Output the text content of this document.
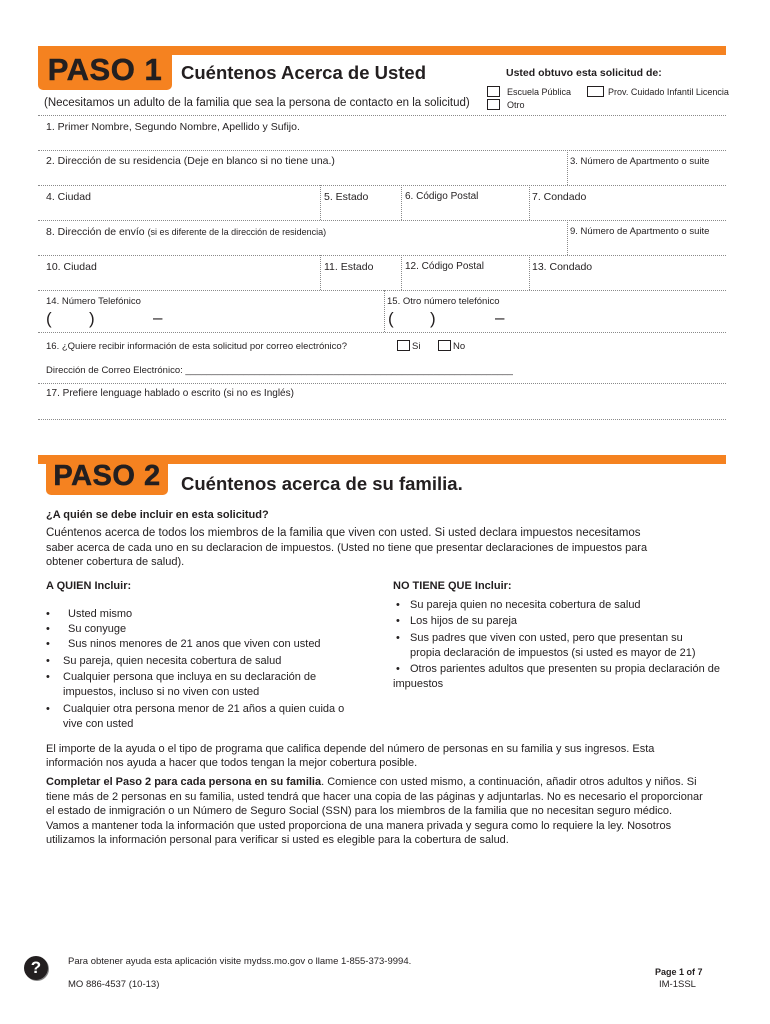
PASO 1	Cuéntenos Acerca de Usted	Usted obtuvo esta solicitud de:
Escuela Pública	Prov. Cuidado Infantil Licencia
(Necesitamos un adulto de la familia que sea la persona de contacto en la solicitud)	Otro
1. Primer Nombre, Segundo Nombre, Apellido y Sufijo.
2. Dirección de su residencia (Deje en blanco si no tiene una.)	3. Número de Apartmento o suite
4. Ciudad	5. Estado	6. Código Postal	7. Condado
8. Dirección de envío (si es diferente de la dirección de residencia)	9. Número de Apartmento o suite
10. Ciudad	11. Estado	12. Código Postal	13. Condado
14. Número Telefónico	15. Otro número telefónico
( )	–	( )	–
16. ¿Quiere recibir información de esta solicitud por correo electrónico?	Si	No
Dirección de Correo Electrónico: ______________________________________________________________
17. Prefiere lenguage hablado o escrito (si no es Inglés)
PASO 2	Cuéntenos acerca de su familia.
¿A quién se debe incluir en esta solicitud?
Cuéntenos acerca de todos los miembros de la familia que viven con usted. Si usted declara impuestos necesitamos
saber acerca de cada uno en su declaracion de impuestos. (Usted no tiene que presentar declaraciones de impuestos para
obtener cobertura de salud).
A QUIEN Incluir:
• Usted mismo
• Su conyuge
• Sus ninos menores de 21 anos que viven con usted
• Su pareja, quien necesita cobertura de salud
• Cualquier persona que incluya en su declaración de
impuestos, incluso si no viven con usted
• Cualquier otra persona menor de 21 años a quien cuida o
vive con usted
NO TIENE QUE Incluir:
• Su pareja quien no necesita cobertura de salud
• Los hijos de su pareja
• Sus padres que viven con usted, pero que presentan su
propia declaración de impuestos (si usted es mayor de 21)
• Otros parientes adultos que presenten su propia declaración de
impuestos
El importe de la ayuda o el tipo de programa que califica depende del número de personas en su familia y sus ingresos. Esta
información nos ayuda a hacer que todos tengan la mejor cobertura posible.
Completar el Paso 2 para cada persona en su familia. Comience con usted mismo, a continuación, añadir otros adultos y niños. Si
tiene más de 2 personas en su familia, usted tendrá que hacer una copia de las páginas y adjuntarlas. No es necesario el proporcionar
el estado de inmigración o un Número de Seguro Social (SSN) para los miembros de la familia que no necesitan seguro médico.
Vamos a mantener toda la información que usted proporciona de una manera privada y segura como lo requiere la ley. Nosotros
utilizamos la información personal para verificar si usted es elegible para la cobertura de salud.
?	Para obtener ayuda esta aplicación visite mydss.mo.gov o llame 1-855-373-9994.
MO 886-4537 (10-13)
Page 1 of 7
IM-1SSL
